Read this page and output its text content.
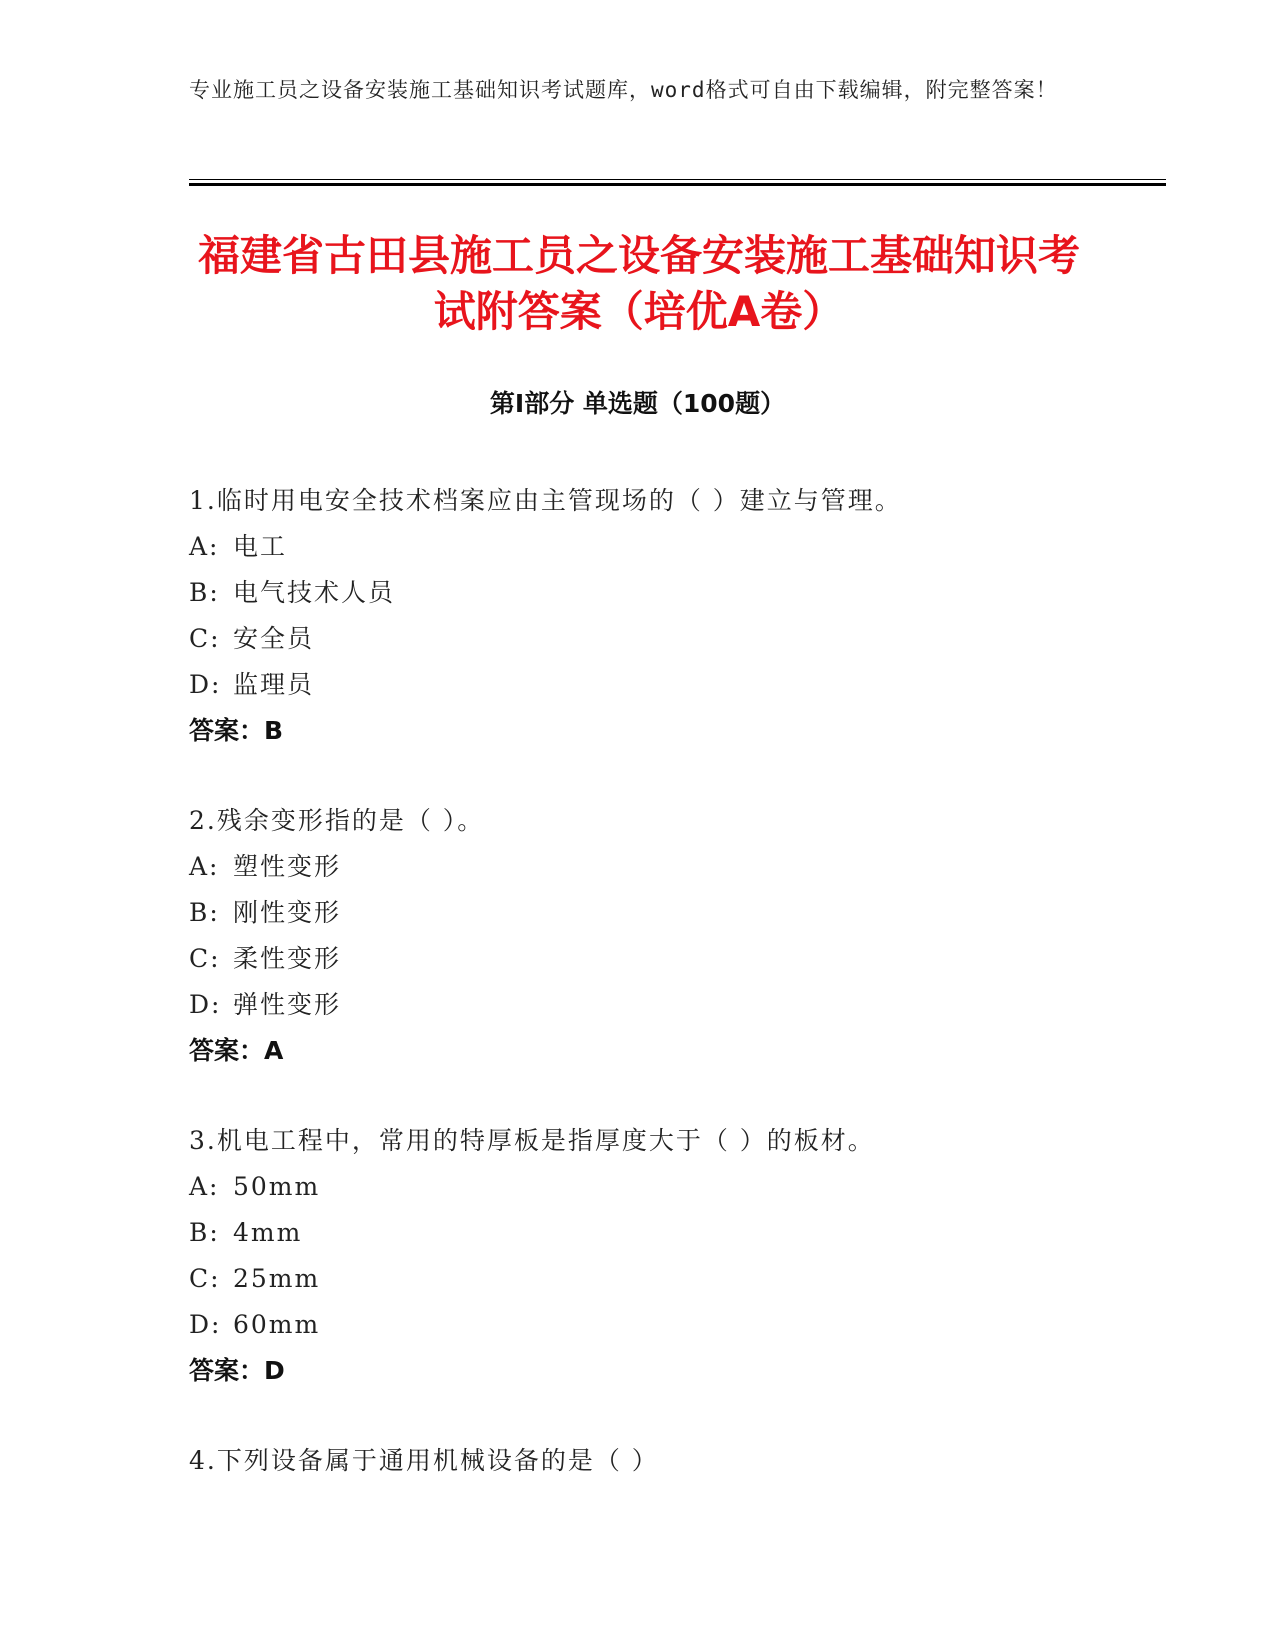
专业施工员之设备安装施工基础知识考试题库，word格式可自由下载编辑，附完整答案！
福建省古田县施工员之设备安装施工基础知识考试附答案（培优A卷）
第Ⅰ部分 单选题（100题）
1.临时用电安全技术档案应由主管现场的（ ）建立与管理。
A: 电工
B: 电气技术人员
C: 安全员
D: 监理员
答案：B
2.残余变形指的是（ ）。
A: 塑性变形
B: 刚性变形
C: 柔性变形
D: 弹性变形
答案：A
3.机电工程中，常用的特厚板是指厚度大于（ ）的板材。
A: 50mm
B: 4mm
C: 25mm
D: 60mm
答案：D
4.下列设备属于通用机械设备的是（ ）
